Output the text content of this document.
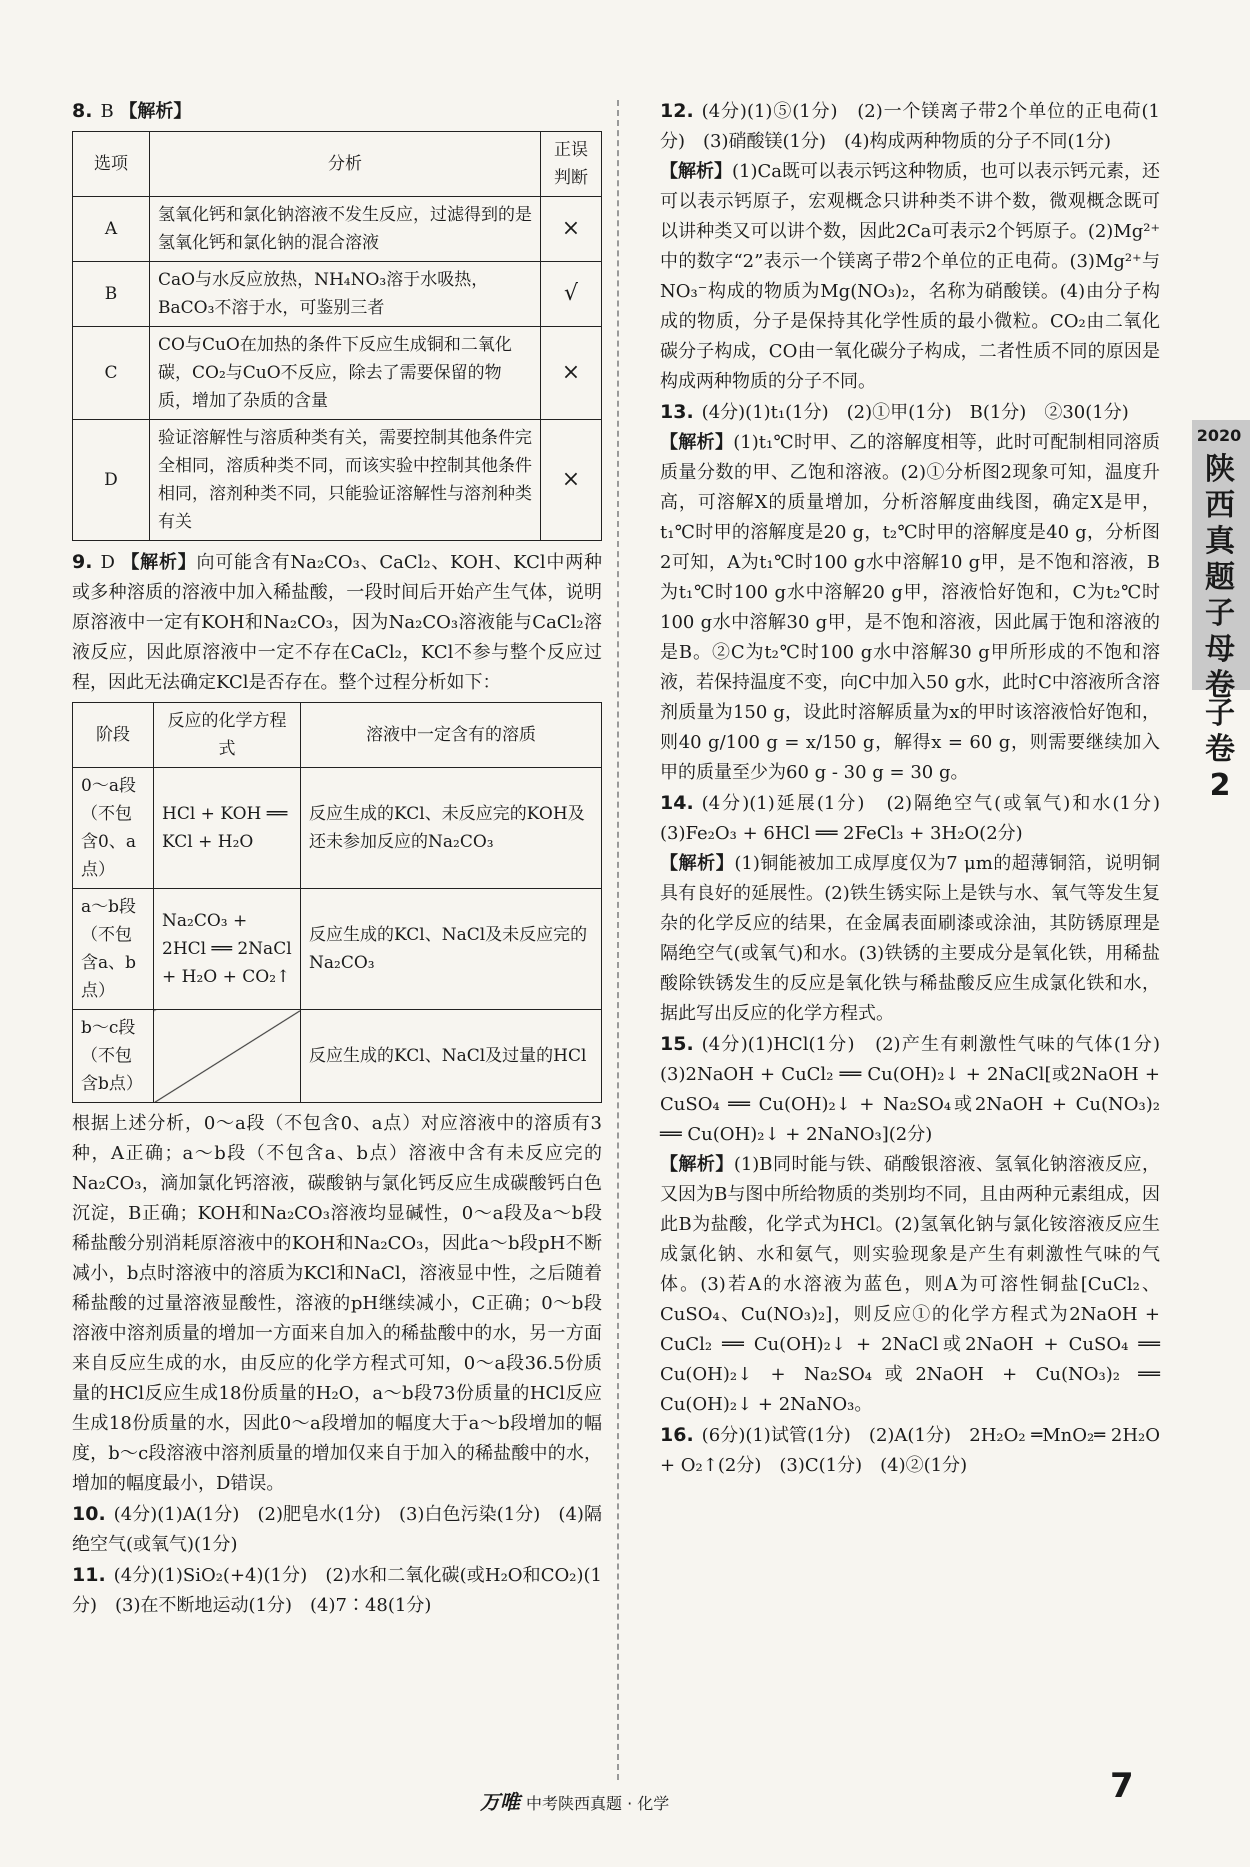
8. B 【解析】

选项	分析	正误判断
A	氢氧化钙和氯化钠溶液不发生反应，过滤得到的是氢氧化钙和氯化钠的混合溶液	×
B	CaO与水反应放热，NH₄NO₃溶于水吸热，BaCO₃不溶于水，可鉴别三者	√
C	CO与CuO在加热的条件下反应生成铜和二氧化碳，CO₂与CuO不反应，除去了需要保留的物质，增加了杂质的含量	×
D	验证溶解性与溶质种类有关，需要控制其他条件完全相同，溶质种类不同，而该实验中控制其他条件相同，溶剂种类不同，只能验证溶解性与溶剂种类有关	×

9. D 【解析】向可能含有Na₂CO₃、CaCl₂、KOH、KCl中两种或多种溶质的溶液中加入稀盐酸，一段时间后开始产生气体，说明原溶液中一定有KOH和Na₂CO₃，因为Na₂CO₃溶液能与CaCl₂溶液反应，因此原溶液中一定不存在CaCl₂，KCl不参与整个反应过程，因此无法确定KCl是否存在。整个过程分析如下：

阶段	反应的化学方程式	溶液中一定含有的溶质
0～a段（不包含0、a点）	HCl + KOH ══ KCl + H₂O	反应生成的KCl、未反应完的KOH及还未参加反应的Na₂CO₃
a～b段（不包含a、b点）	Na₂CO₃ + 2HCl ══ 2NaCl + H₂O + CO₂↑	反应生成的KCl、NaCl及未反应完的Na₂CO₃
b～c段（不包含b点）		反应生成的KCl、NaCl及过量的HCl

根据上述分析，0～a段（不包含0、a点）对应溶液中的溶质有3种，A正确；a～b段（不包含a、b点）溶液中含有未反应完的Na₂CO₃，滴加氯化钙溶液，碳酸钠与氯化钙反应生成碳酸钙白色沉淀，B正确；KOH和Na₂CO₃溶液均显碱性，0～a段及a～b段稀盐酸分别消耗原溶液中的KOH和Na₂CO₃，因此a～b段pH不断减小，b点时溶液中的溶质为KCl和NaCl，溶液显中性，之后随着稀盐酸的过量溶液显酸性，溶液的pH继续减小，C正确；0～b段溶液中溶剂质量的增加一方面来自加入的稀盐酸中的水，另一方面来自反应生成的水，由反应的化学方程式可知，0～a段36.5份质量的HCl反应生成18份质量的H₂O，a～b段73份质量的HCl反应生成18份质量的水，因此0～a段增加的幅度大于a～b段增加的幅度，b～c段溶液中溶剂质量的增加仅来自于加入的稀盐酸中的水，增加的幅度最小，D错误。

10. (4分)(1)A(1分)　(2)肥皂水(1分)　(3)白色污染(1分)　(4)隔绝空气(或氧气)(1分)

11. (4分)(1)SiO₂(+4)(1分)　(2)水和二氧化碳(或H₂O和CO₂)(1分)　(3)在不断地运动(1分)　(4)7∶48(1分)

12. (4分)(1)⑤(1分)　(2)一个镁离子带2个单位的正电荷(1分)　(3)硝酸镁(1分)　(4)构成两种物质的分子不同(1分)

【解析】(1)Ca既可以表示钙这种物质，也可以表示钙元素，还可以表示钙原子，宏观概念只讲种类不讲个数，微观概念既可以讲种类又可以讲个数，因此2Ca可表示2个钙原子。(2)Mg²⁺中的数字“2”表示一个镁离子带2个单位的正电荷。(3)Mg²⁺与NO₃⁻构成的物质为Mg(NO₃)₂，名称为硝酸镁。(4)由分子构成的物质，分子是保持其化学性质的最小微粒。CO₂由二氧化碳分子构成，CO由一氧化碳分子构成，二者性质不同的原因是构成两种物质的分子不同。

13. (4分)(1)t₁(1分)　(2)①甲(1分)　B(1分)　②30(1分)

【解析】(1)t₁℃时甲、乙的溶解度相等，此时可配制相同溶质质量分数的甲、乙饱和溶液。(2)①分析图2现象可知，温度升高，可溶解X的质量增加，分析溶解度曲线图，确定X是甲，t₁℃时甲的溶解度是20 g，t₂℃时甲的溶解度是40 g，分析图2可知，A为t₁℃时100 g水中溶解10 g甲，是不饱和溶液，B为t₁℃时100 g水中溶解20 g甲，溶液恰好饱和，C为t₂℃时100 g水中溶解30 g甲，是不饱和溶液，因此属于饱和溶液的是B。②C为t₂℃时100 g水中溶解30 g甲所形成的不饱和溶液，若保持温度不变，向C中加入50 g水，此时C中溶液所含溶剂质量为150 g，设此时溶解质量为x的甲时该溶液恰好饱和，则40 g/100 g = x/150 g，解得x = 60 g，则需要继续加入甲的质量至少为60 g - 30 g = 30 g。

14. (4分)(1)延展(1分)　(2)隔绝空气(或氧气)和水(1分)　(3)Fe₂O₃ + 6HCl ══ 2FeCl₃ + 3H₂O(2分)

【解析】(1)铜能被加工成厚度仅为7 μm的超薄铜箔，说明铜具有良好的延展性。(2)铁生锈实际上是铁与水、氧气等发生复杂的化学反应的结果，在金属表面刷漆或涂油，其防锈原理是隔绝空气(或氧气)和水。(3)铁锈的主要成分是氧化铁，用稀盐酸除铁锈发生的反应是氧化铁与稀盐酸反应生成氯化铁和水，据此写出反应的化学方程式。

15. (4分)(1)HCl(1分)　(2)产生有刺激性气味的气体(1分)　(3)2NaOH + CuCl₂ ══ Cu(OH)₂↓ + 2NaCl[或2NaOH + CuSO₄ ══ Cu(OH)₂↓ + Na₂SO₄或2NaOH + Cu(NO₃)₂ ══ Cu(OH)₂↓ + 2NaNO₃](2分)

【解析】(1)B同时能与铁、硝酸银溶液、氢氧化钠溶液反应，又因为B与图中所给物质的类别均不同，且由两种元素组成，因此B为盐酸，化学式为HCl。(2)氢氧化钠与氯化铵溶液反应生成氯化钠、水和氨气，则实验现象是产生有刺激性气味的气体。(3)若A的水溶液为蓝色，则A为可溶性铜盐[CuCl₂、CuSO₄、Cu(NO₃)₂]，则反应①的化学方程式为2NaOH + CuCl₂ ══ Cu(OH)₂↓ + 2NaCl或2NaOH + CuSO₄ ══ Cu(OH)₂↓ + Na₂SO₄或2NaOH + Cu(NO₃)₂ ══ Cu(OH)₂↓ + 2NaNO₃。

16. (6分)(1)试管(1分)　(2)A(1分)　2H₂O₂ ═MnO₂═ 2H₂O + O₂↑(2分)　(3)C(1分)　(4)②(1分)

2020
陕西真题子母卷
子卷2
万唯 中考陕西真题 · 化学	7
